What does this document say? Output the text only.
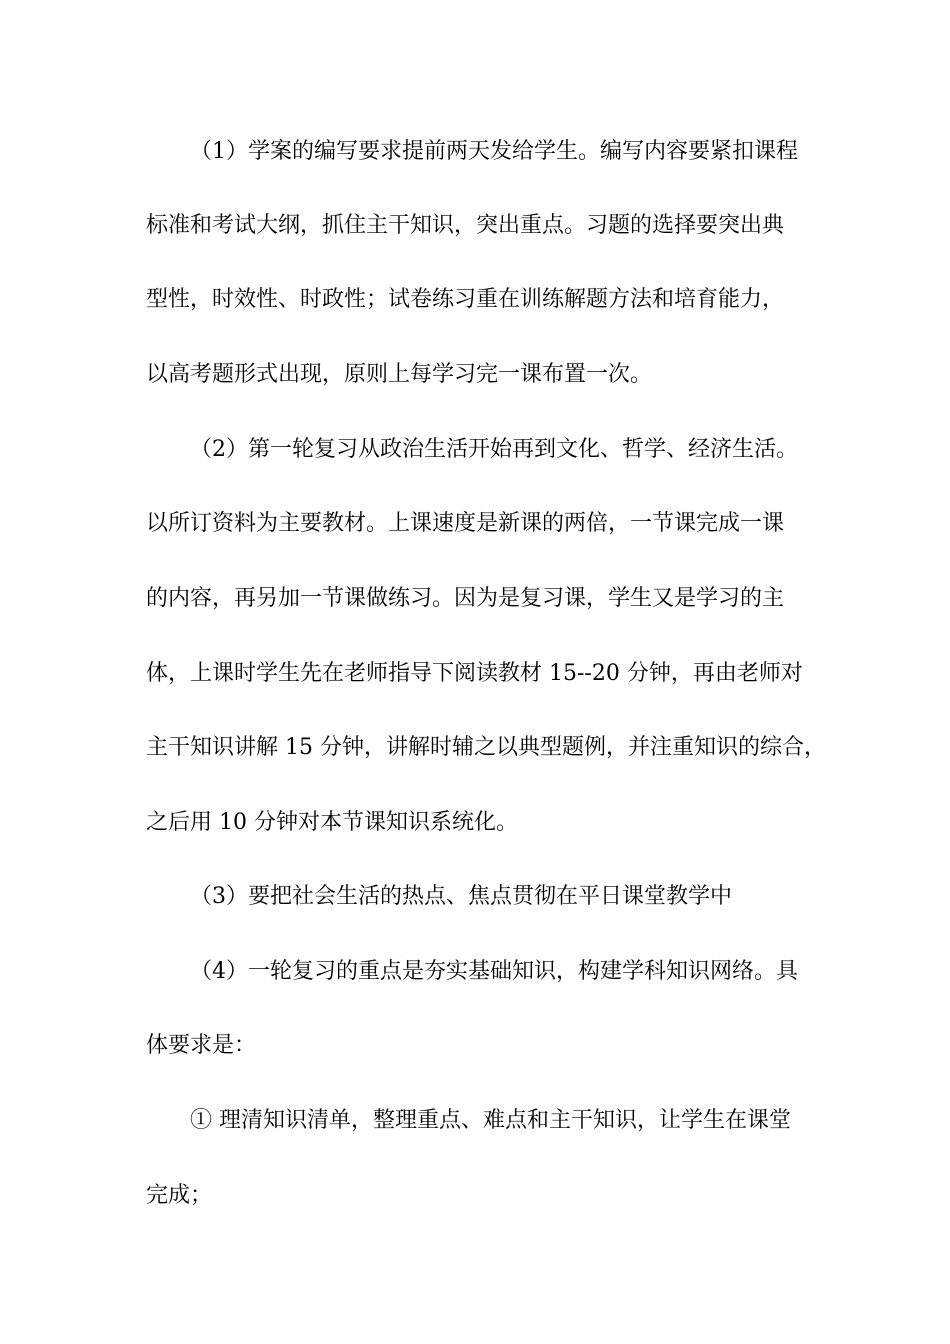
（1）学案的编写要求提前两天发给学生。编写内容要紧扣课程
标准和考试大纲，抓住主干知识，突出重点。习题的选择要突出典
型性，时效性、时政性；试卷练习重在训练解题方法和培育能力，
以高考题形式出现，原则上每学习完一课布置一次。
（2）第一轮复习从政治生活开始再到文化、哲学、经济生活。
以所订资料为主要教材。上课速度是新课的两倍，一节课完成一课
的内容，再另加一节课做练习。因为是复习课，学生又是学习的主
体，上课时学生先在老师指导下阅读教材 15--20 分钟，再由老师对
主干知识讲解 15 分钟，讲解时辅之以典型题例，并注重知识的综合，
之后用 10 分钟对本节课知识系统化。
（3）要把社会生活的热点、焦点贯彻在平日课堂教学中
（4）一轮复习的重点是夯实基础知识，构建学科知识网络。具
体要求是：
① 理清知识清单，整理重点、难点和主干知识，让学生在课堂
完成；
